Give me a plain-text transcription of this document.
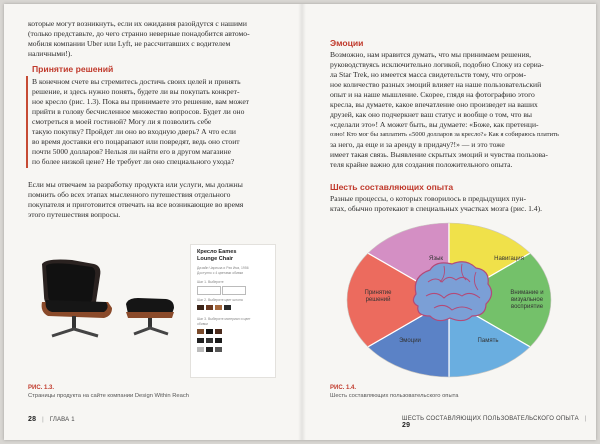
которые могут возникнуть, если их ожидания разойдутся с нашими
(только представьте, до чего странно неверные понадобится автомо-
мобиля компании Uber или Lyft, не рассчитавших с водителем
наличными!).
Принятие решений
В конечном счете вы стремитесь достичь своих целей и принять
решение, и здесь нужно понять, будете ли вы покупать конкрет-
ное кресло (рис. 1.3). Пока вы принимаете это решение, вам может
прийти в голову бесчисленное множество вопросов. Будет ли оно
смотреться в моей гостиной? Могу ли я позволить себе
такую покупку? Пройдет ли оно во входную дверь? А что если
во время доставки его поцарапают или повредят, ведь оно стоит
почти 5000 долларов? Нельзя ли найти его в другом магазине
по более низкой цене? Не требует ли оно специального ухода?
Если мы отвечаем за разработку продукта или услуги, мы должны
помнить обо всех этапах мысленного путешествия отдельного
покупателя и приготовится отвечать на все возникающие во время
этого путешествия вопросы.
Кресло Eames
Lounge Chair
Дизайн Чарльза и Рэя Имз, 1956
Доступно с 4 цветами обивки
Шаг 1. Выберите
Шаг 2. Выберите цвет шпона
Шаг 3. Выберите материал и цвет
обивки
РИС. 1.3.
Страницы продукта на сайте компании Design Within Reach
28 | ГЛАВА 1
Эмоции
Возможно, нам нравится думать, что мы принимаем решения,
руководствуясь исключительно логикой, подобно Споку из сериа-
ла Star Trek, но имеется масса свидетельств тому, что огром-
ное количество разных эмоций влияет на наше пользовательский
опыт и на наше мышление. Скорее, глядя на фотографию этого
кресла, вы думаете, какое впечатление оно произведет на ваших
друзей, как оно подчеркнет ваш статус и вообще о том, что вы
«сделали это»! А может быть, вы думаете: «Боже, как претенци-
озно! Кто мог бы заплатить «5000 долларов за кресло?» Как я собираюсь платить
за него, да еще и за аренду в придачу?!» — и это тоже
имеет такая связь. Выявление скрытых эмоций и чувства пользова-
теля крайне важно для создания положительного опыта.
Шесть составляющих опыта
Разные процессы, о которых говорилось в предыдущих пун-
ктах, обычно протекают в специальных участках мозга (рис. 1.4).
Язык	Навигация
Внимание и визуальное восприятие
Память
Эмоции
Принятие решений
РИС. 1.4.
Шесть составляющих пользовательского опыта
ШЕСТЬ СОСТАВЛЯЮЩИХ ПОЛЬЗОВАТЕЛЬСКОГО ОПЫТА | 29
